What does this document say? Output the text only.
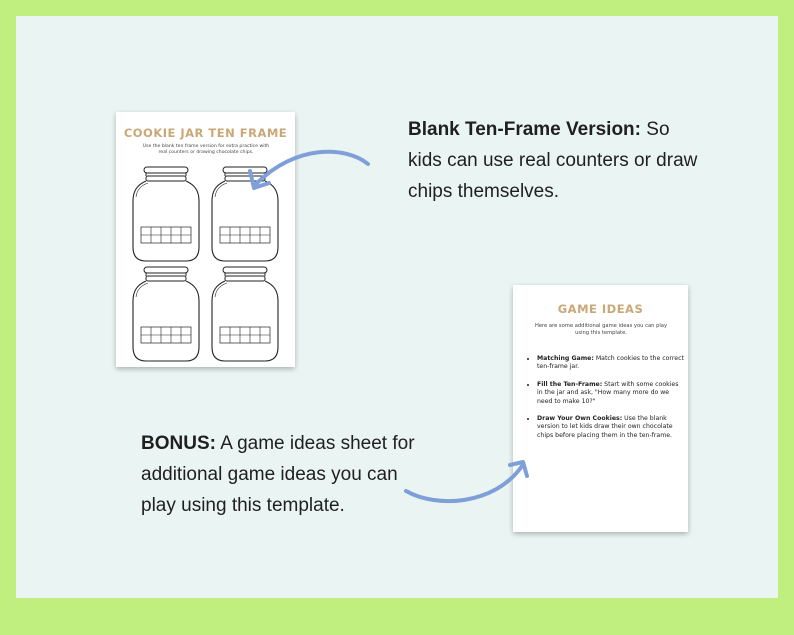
COOKIE JAR TEN FRAME
Use the blank ten frame version for extra practice with real counters or drawing chocolate chips.
GAME IDEAS
Here are some additional game ideas you can play using this template.
• Matching Game: Match cookies to the correct ten-frame jar.
• Fill the Ten-Frame: Start with some cookies in the jar and ask, "How many more do we need to make 10?"
• Draw Your Own Cookies: Use the blank version to let kids draw their own chocolate chips before placing them in the ten-frame.
Blank Ten-Frame Version: So kids can use real counters or draw chips themselves.
BONUS: A game ideas sheet for additional game ideas you can play using this template.
